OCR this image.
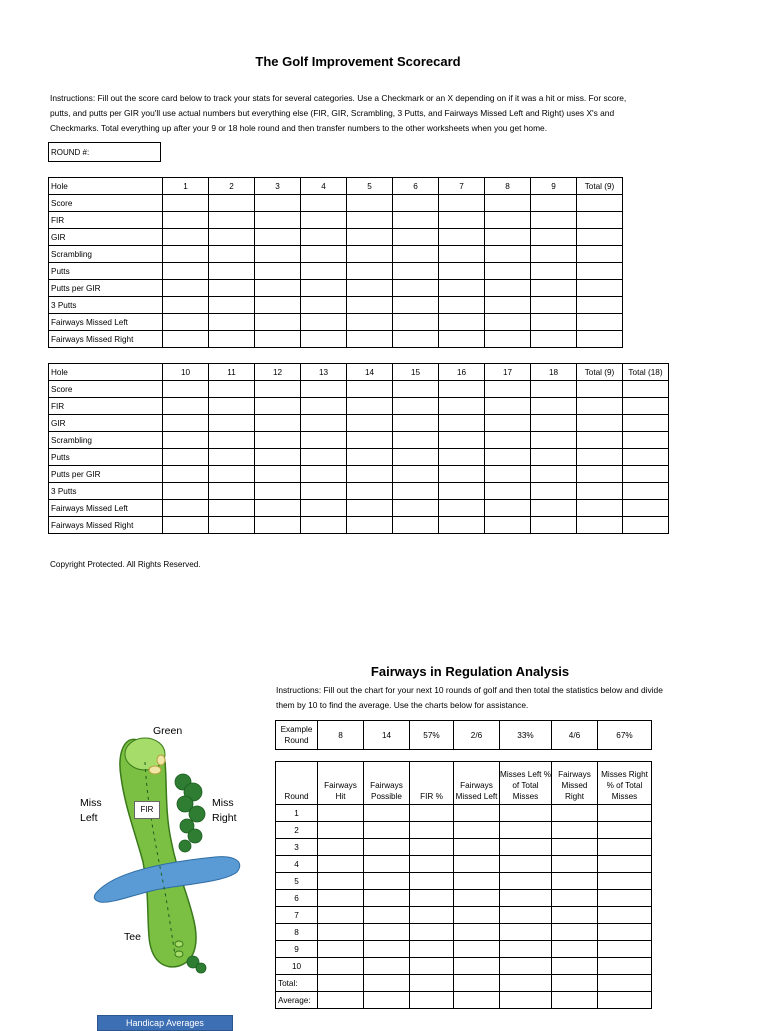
The Golf Improvement Scorecard
Instructions: Fill out the score card below to track your stats for several categories. Use a Checkmark or an X depending on if it was a hit or miss. For score, putts, and putts per GIR you'll use actual numbers but everything else (FIR, GIR, Scrambling, 3 Putts, and Fairways Missed Left and Right) uses X's and Checkmarks. Total everything up after your 9 or 18 hole round and then transfer numbers to the other worksheets when you get home.
ROUND #:
Hole	1	2	3	4	5	6	7	8	9	Total (9)
Score										
FIR										
GIR										
Scrambling										
Putts										
Putts per GIR										
3 Putts										
Fairways Missed Left										
Fairways Missed Right										
Hole	10	11	12	13	14	15	16	17	18	Total (9)	Total (18)
Score											
FIR											
GIR											
Scrambling											
Putts											
Putts per GIR											
3 Putts											
Fairways Missed Left											
Fairways Missed Right											
Copyright Protected. All Rights Reserved.
Fairways in Regulation Analysis
Instructions: Fill out the chart for your next 10 rounds of golf and then total the statistics below and divide them by 10 to find the average. Use the charts below for assistance.
Example Round	8	14	57%	2/6	33%	4/6	67%
Round	Fairways Hit	Fairways Possible	FIR %	Fairways Missed Left	Misses Left % of Total Misses	Fairways Missed Right	Misses Right % of Total Misses
1							
2							
3							
4							
5							
6							
7							
8							
9							
10							
Total:							
Average:							
Green
Miss Left
FIR
Miss Right
Tee
Handicap Averages
